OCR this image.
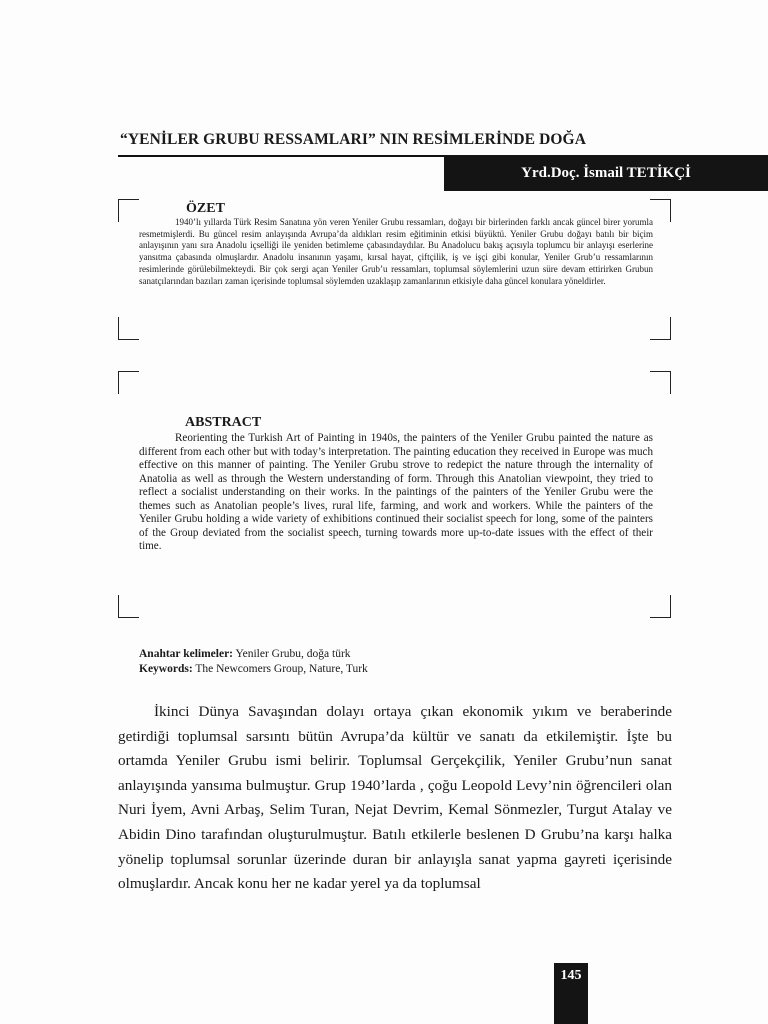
“YENİLER GRUBU RESSAMLARI” NIN RESİMLERİNDE DOĞA
Yrd.Doç. İsmail TETİKÇİ
ÖZET

1940’lı yıllarda Türk Resim Sanatına yön veren Yeniler Grubu ressamları, doğayı bir birlerinden farklı ancak güncel birer yorumla resmetmişlerdi. Bu güncel resim anlayışında Avrupa’da aldıkları resim eğitiminin etkisi büyüktü. Yeniler Grubu doğayı batılı bir biçim anlayışının yanı sıra Anadolu içselliği ile yeniden betimleme çabasındaydılar. Bu Anadolucu bakış açısıyla toplumcu bir anlayışı eserlerine yansıtma çabasında olmuşlardır. Anadolu insanının yaşamı, kırsal hayat, çiftçilik, iş ve işçi gibi konular, Yeniler Grub’u ressamlarının resimlerinde görülebilmekteydi. Bir çok sergi açan Yeniler Grub’u ressamları, toplumsal söylemlerini uzun süre devam ettirirken Grubun sanatçılarından bazıları zaman içerisinde toplumsal söylemden uzaklaşıp zamanlarının etkisiyle daha güncel konulara yöneldirler.

ABSTRACT

Reorienting the Turkish Art of Painting in 1940s, the painters of the Yeniler Grubu painted the nature as different from each other but with today’s interpretation. The painting education they received in Europe was much effective on this manner of painting. The Yeniler Grubu strove to redepict the nature through the internality of Anatolia as well as through the Western understanding of form. Through this Anatolian viewpoint, they tried to reflect a socialist understanding on their works. In the paintings of the painters of the Yeniler Grubu were the themes such as Anatolian people’s lives, rural life, farming, and work and workers. While the painters of the Yeniler Grubu holding a wide variety of exhibitions continued their socialist speech for long, some of the painters of the Group deviated from the socialist speech, turning towards more up-to-date issues with the effect of their time.

Anahtar kelimeler: Yeniler Grubu, doğa türk
Keywords: The Newcomers Group, Nature, Turk

İkinci Dünya Savaşından dolayı ortaya çıkan ekonomik yıkım ve beraberinde getirdiği toplumsal sarsıntı bütün Avrupa’da kültür ve sanatı da etkilemiştir. İşte bu ortamda Yeniler Grubu ismi belirir. Toplumsal Gerçekçilik, Yeniler Grubu’nun sanat anlayışında yansıma bulmuştur. Grup 1940’larda , çoğu Leopold Levy’nin öğrencileri olan Nuri İyem, Avni Arbaş, Selim Turan, Nejat Devrim, Kemal Sönmezler, Turgut Atalay ve Abidin Dino tarafından oluşturulmuştur. Batılı etkilerle beslenen D Grubu’na karşı halka yönelip toplumsal sorunlar üzerinde duran bir anlayışla sanat yapma gayreti içerisinde olmuşlardır. Ancak konu her ne kadar yerel ya da toplumsal

145
